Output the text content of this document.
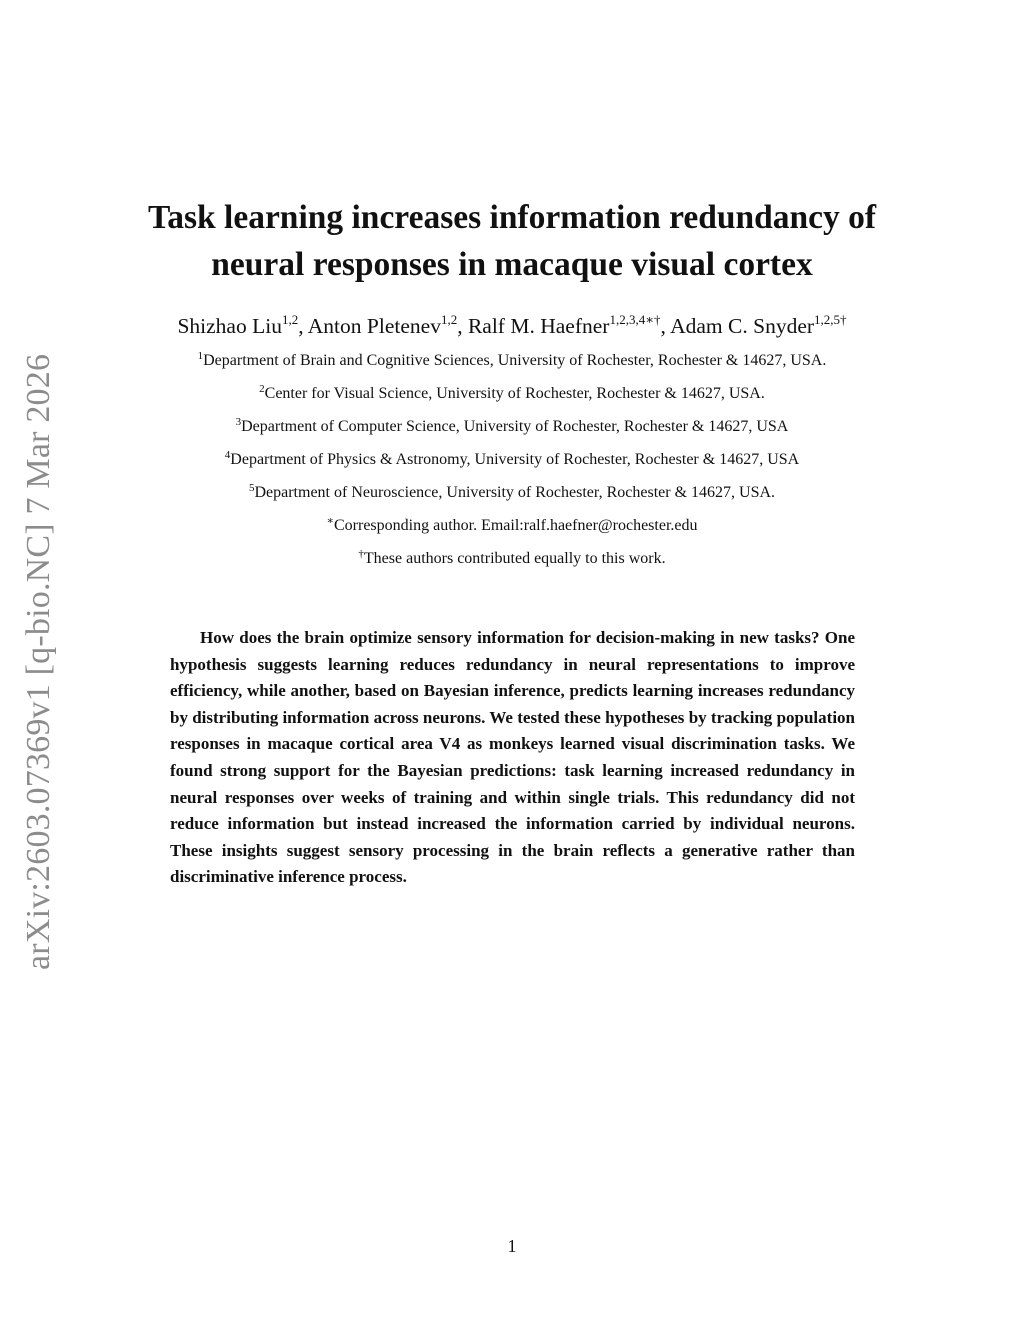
arXiv:2603.07369v1 [q-bio.NC] 7 Mar 2026
Task learning increases information redundancy of
neural responses in macaque visual cortex
Shizhao Liu$^{1,2}$, Anton Pletenev$^{1,2}$, Ralf M. Haefner$^{1,2,3,4∗\dagger}$, Adam C. Snyder$^{1,2,5\dagger}$
$^1$Department of Brain and Cognitive Sciences, University of Rochester, Rochester & 14627, USA.
$^2$Center for Visual Science, University of Rochester, Rochester & 14627, USA.
$^3$Department of Computer Science, University of Rochester, Rochester & 14627, USA
$^4$Department of Physics & Astronomy, University of Rochester, Rochester & 14627, USA
$^5$Department of Neuroscience, University of Rochester, Rochester & 14627, USA.
∗Corresponding author. Email:ralf.haefner@rochester.edu
†These authors contributed equally to this work.

How does the brain optimize sensory information for decision-making in new tasks? One hypothesis suggests learning reduces redundancy in neural representations to improve efficiency, while another, based on Bayesian inference, predicts learning increases redundancy by distributing information across neurons. We tested these hypotheses by tracking population responses in macaque cortical area V4 as monkeys learned visual discrimination tasks. We found strong support for the Bayesian predictions: task learning increased redundancy in neural responses over weeks of training and within single trials. This redundancy did not reduce information but instead increased the information carried by individual neurons. These insights suggest sensory processing in the brain reflects a generative rather than discriminative inference process.

1
